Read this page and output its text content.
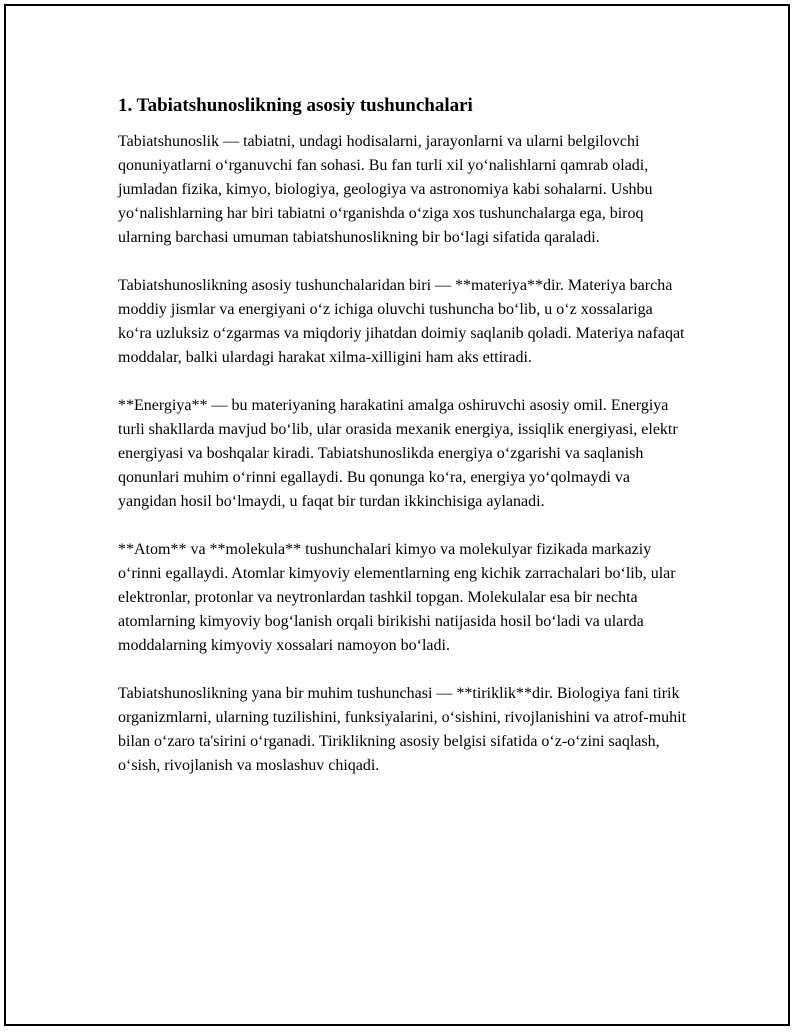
1. Tabiatshunoslikning asosiy tushunchalari

Tabiatshunoslik — tabiatni, undagi hodisalarni, jarayonlarni va ularni belgilovchi qonuniyatlarni o‘rganuvchi fan sohasi. Bu fan turli xil yo‘nalishlarni qamrab oladi, jumladan fizika, kimyo, biologiya, geologiya va astronomiya kabi sohalarni. Ushbu yo‘nalishlarning har biri tabiatni o‘rganishda o‘ziga xos tushunchalarga ega, biroq ularning barchasi umuman tabiatshunoslikning bir bo‘lagi sifatida qaraladi.

Tabiatshunoslikning asosiy tushunchalaridan biri — **materiya**dir. Materiya barcha moddiy jismlar va energiyani o‘z ichiga oluvchi tushuncha bo‘lib, u o‘z xossalariga ko‘ra uzluksiz o‘zgarmas va miqdoriy jihatdan doimiy saqlanib qoladi. Materiya nafaqat moddalar, balki ulardagi harakat xilma-xilligini ham aks ettiradi.

**Energiya** — bu materiyaning harakatini amalga oshiruvchi asosiy omil. Energiya turli shakllarda mavjud bo‘lib, ular orasida mexanik energiya, issiqlik energiyasi, elektr energiyasi va boshqalar kiradi. Tabiatshunoslikda energiya o‘zgarishi va saqlanish qonunlari muhim o‘rinni egallaydi. Bu qonunga ko‘ra, energiya yo‘qolmaydi va yangidan hosil bo‘lmaydi, u faqat bir turdan ikkinchisiga aylanadi.

**Atom** va **molekula** tushunchalari kimyo va molekulyar fizikada markaziy o‘rinni egallaydi. Atomlar kimyoviy elementlarning eng kichik zarrachalari bo‘lib, ular elektronlar, protonlar va neytronlardan tashkil topgan. Molekulalar esa bir nechta atomlarning kimyoviy bog‘lanish orqali birikishi natijasida hosil bo‘ladi va ularda moddalarning kimyoviy xossalari namoyon bo‘ladi.

Tabiatshunoslikning yana bir muhim tushunchasi — **tiriklik**dir. Biologiya fani tirik organizmlarni, ularning tuzilishini, funksiyalarini, o‘sishini, rivojlanishini va atrof-muhit bilan o‘zaro ta'sirini o‘rganadi. Tiriklikning asosiy belgisi sifatida o‘z-o‘zini saqlash, o‘sish, rivojlanish va moslashuv chiqadi.
